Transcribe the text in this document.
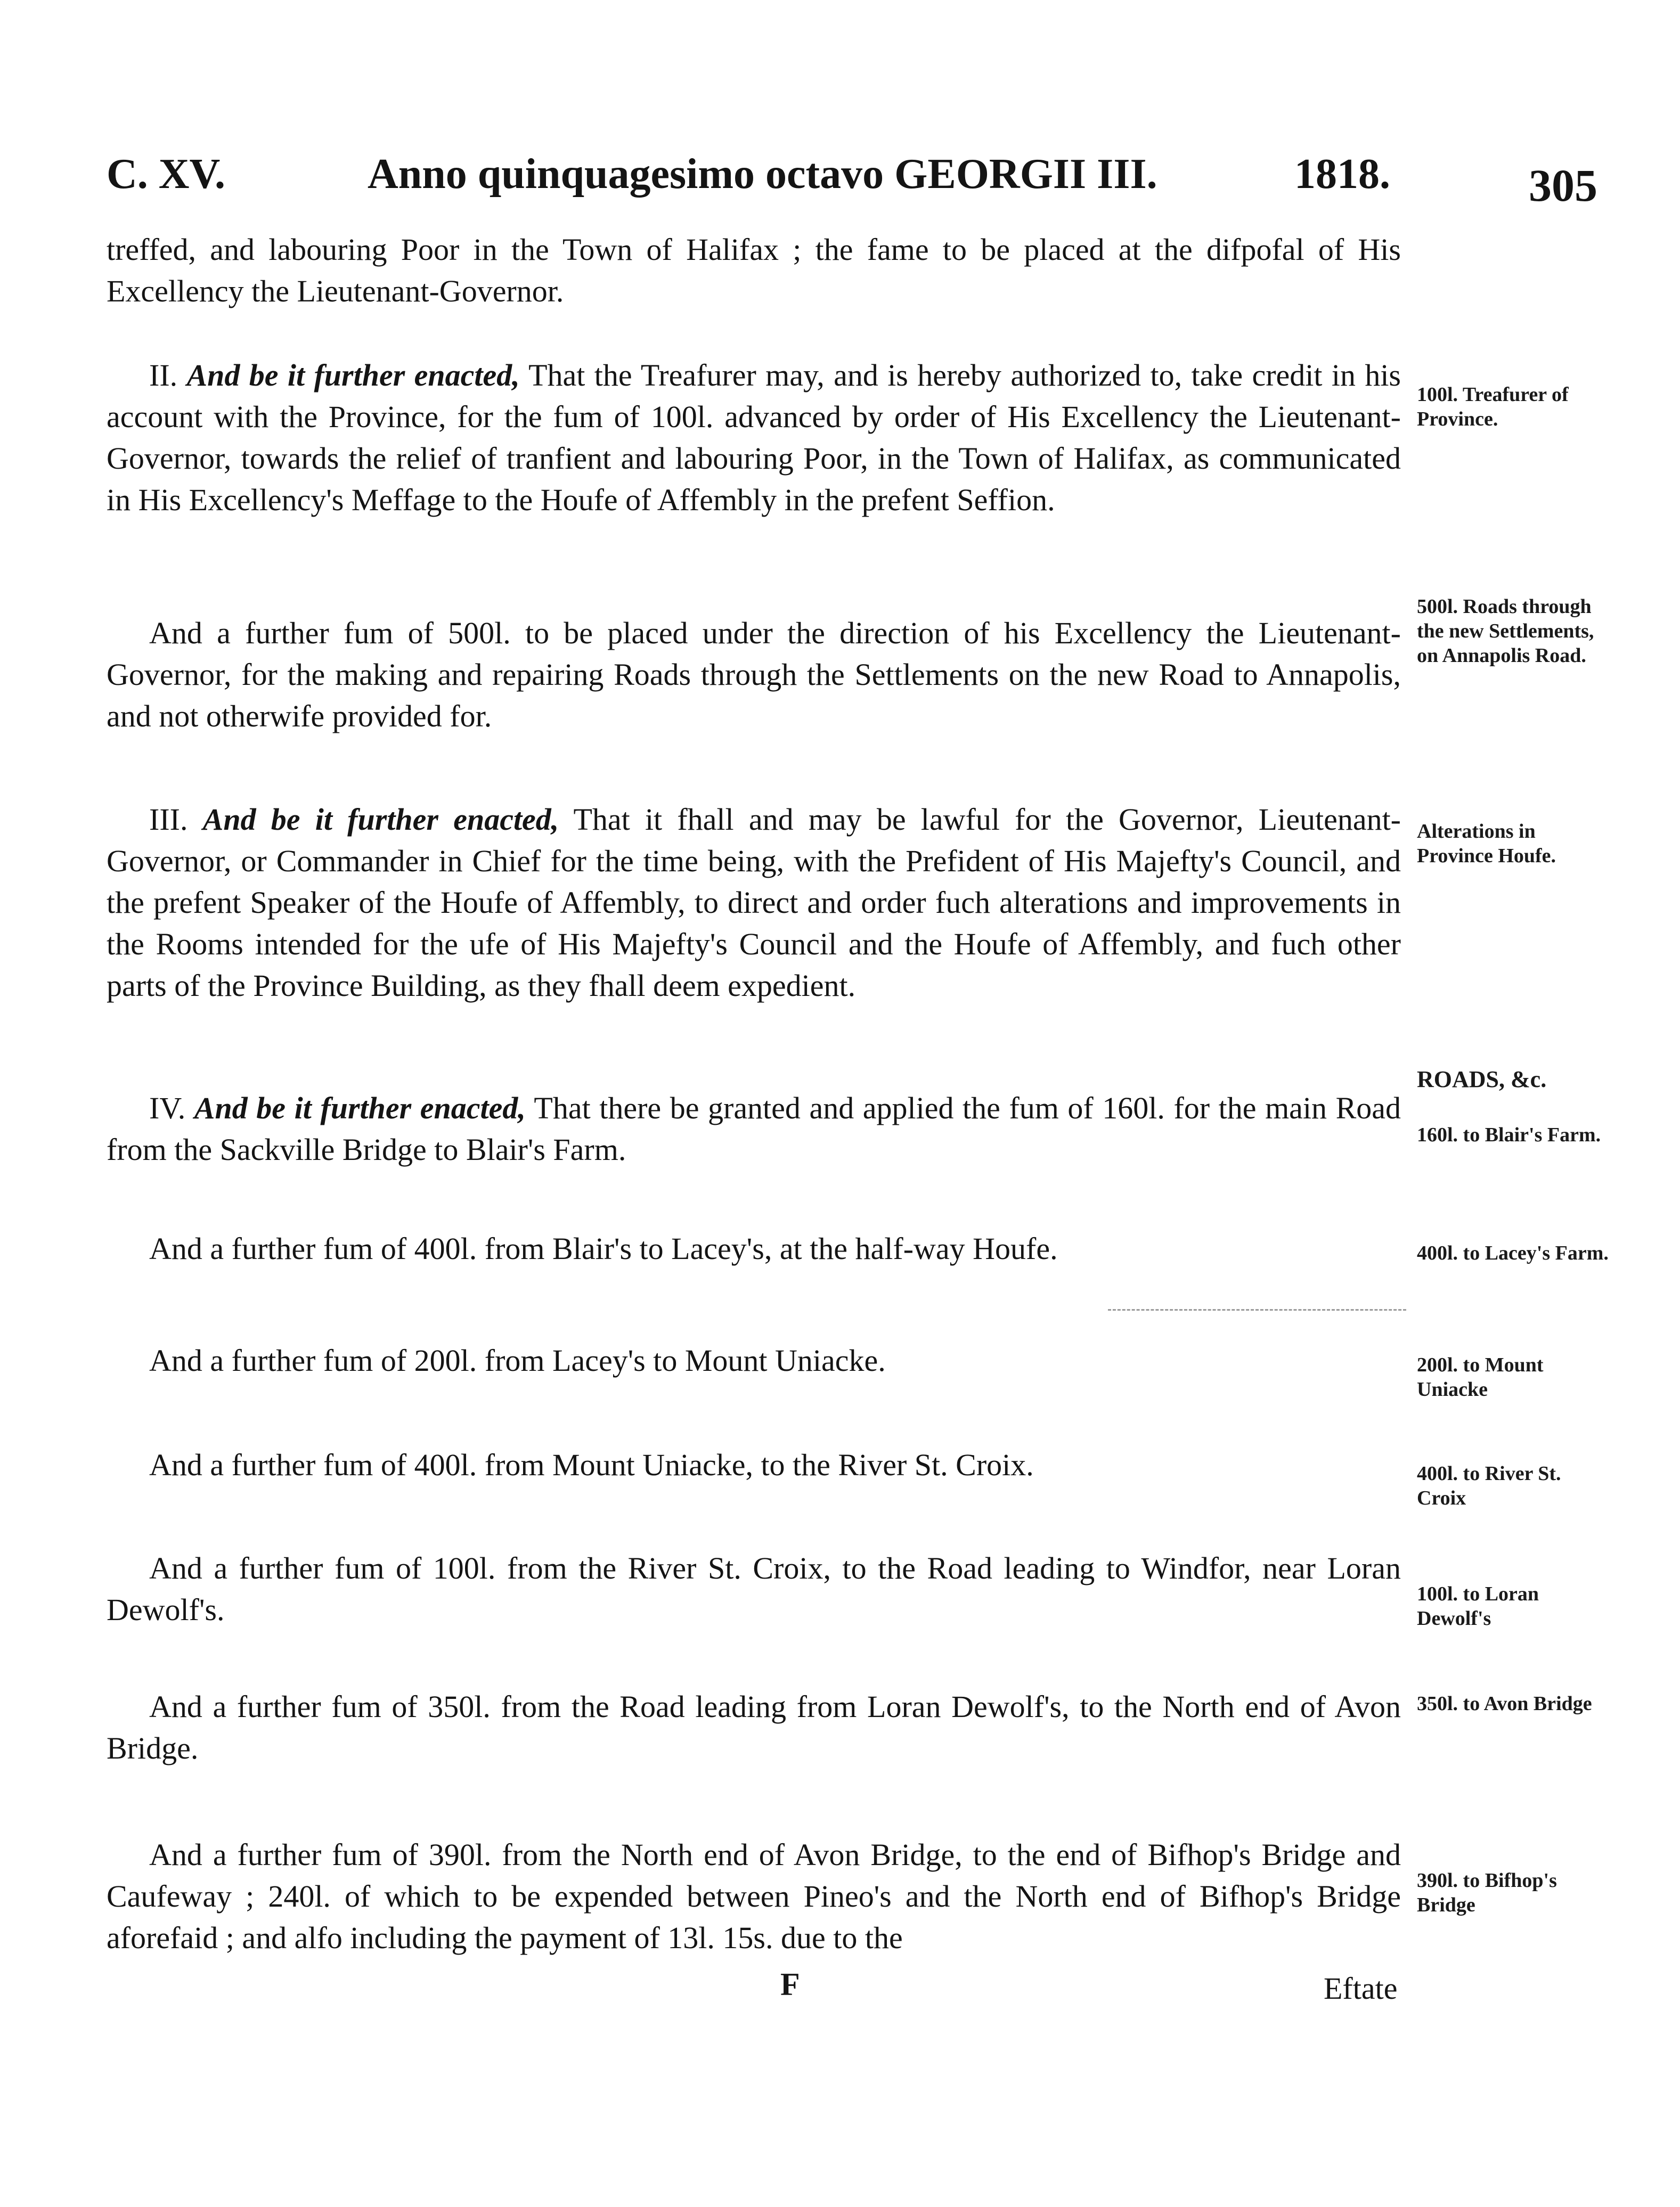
C. XV.	Anno quinquagesimo octavo GEORGII III.	1818.	305
treffed, and labouring Poor in the Town of Halifax ; the fame to be placed at the difpofal of His Excellency the Lieutenant-Governor.
II. And be it further enacted, That the Treafurer may, and is hereby authorized to, take credit in his account with the Province, for the fum of 100l. advanced by order of His Excellency the Lieutenant-Governor, towards the relief of tranfient and labouring Poor, in the Town of Halifax, as communicated in His Excellency's Meffage to the Houfe of Affembly in the prefent Seffion.
100l. Treafurer of Province.
And a further fum of 500l. to be placed under the direction of his Excellency the Lieutenant-Governor, for the making and repairing Roads through the Settlements on the new Road to Annapolis, and not otherwife provided for.
500l. Roads through the new Settlements, on Annapolis Road.
III. And be it further enacted, That it fhall and may be lawful for the Governor, Lieutenant-Governor, or Commander in Chief for the time being, with the Prefident of His Majefty's Council, and the prefent Speaker of the Houfe of Affembly, to direct and order fuch alterations and improvements in the Rooms intended for the ufe of His Majefty's Council and the Houfe of Affembly, and fuch other parts of the Province Building, as they fhall deem expedient.
Alterations in Province Houfe.
IV. And be it further enacted, That there be granted and applied the fum of 160l. for the main Road from the Sackville Bridge to Blair's Farm.
ROADS, &c.
160l. to Blair's Farm.
And a further fum of 400l. from Blair's to Lacey's, at the half-way Houfe.	400l. to Lacey's Farm.
And a further fum of 200l. from Lacey's to Mount Uniacke.	200l. to Mount Uniacke
And a further fum of 400l. from Mount Uniacke, to the River St. Croix.	400l. to River St. Croix
And a further fum of 100l. from the River St. Croix, to the Road leading to Windfor, near Loran Dewolf's.	100l. to Loran Dewolf's
And a further fum of 350l. from the Road leading from Loran Dewolf's, to the North end of Avon Bridge.
350l. to Avon Bridge
And a further fum of 390l. from the North end of Avon Bridge, to the end of Bifhop's Bridge and Caufeway ; 240l. of which to be expended between Pineo's and the North end of Bifhop's Bridge aforefaid ; and alfo including the payment of 13l. 15s. due to the
390l. to Bifhop's Bridge
F	Eftate
